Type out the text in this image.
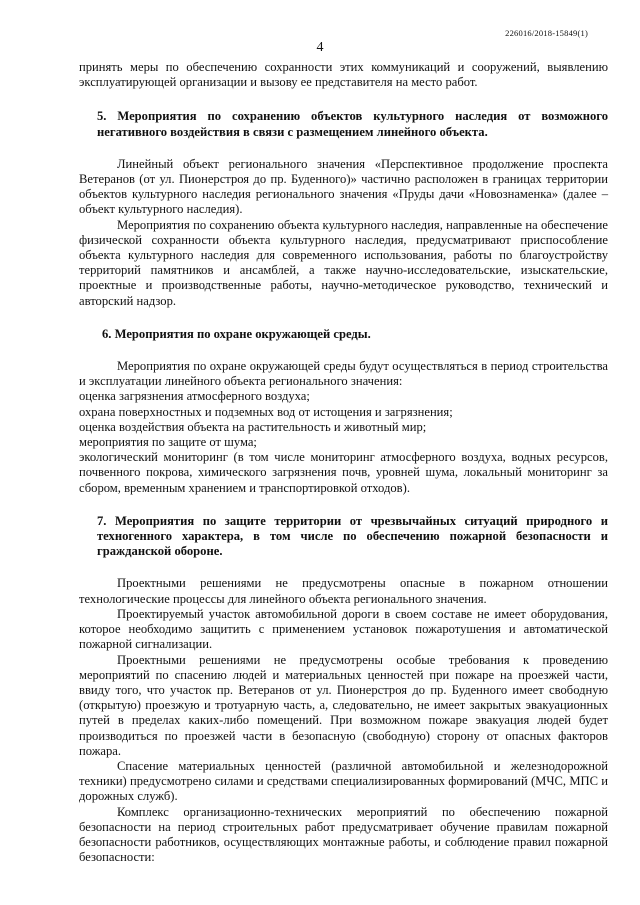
226016/2018-15849(1)
4

принять меры по обеспечению сохранности этих коммуникаций и сооружений, выявлению эксплуатирующей организации и вызову ее представителя на место работ.

5. Мероприятия по сохранению объектов культурного наследия от возможного негативного воздействия в связи с размещением линейного объекта.

Линейный объект регионального значения «Перспективное продолжение проспекта Ветеранов (от ул. Пионерстроя до пр. Буденного)» частично расположен в границах территории объектов культурного наследия регионального значения «Пруды дачи «Новознаменка» (далее – объект культурного наследия).

Мероприятия по сохранению объекта культурного наследия, направленные на обеспечение физической сохранности объекта культурного наследия, предусматривают приспособление объекта культурного наследия для современного использования, работы по благоустройству территорий памятников и ансамблей, а также научно-исследовательские, изыскательские, проектные и производственные работы, научно-методическое руководство, технический и авторский надзор.

6. Мероприятия по охране окружающей среды.

Мероприятия по охране окружающей среды будут осуществляться в период строительства и эксплуатации линейного объекта регионального значения:

оценка загрязнения атмосферного воздуха;

охрана поверхностных и подземных вод от истощения и загрязнения;

оценка воздействия объекта на растительность и животный мир;

мероприятия по защите от шума;

экологический мониторинг (в том числе мониторинг атмосферного воздуха, водных ресурсов, почвенного покрова, химического загрязнения почв, уровней шума, локальный мониторинг за сбором, временным хранением и транспортировкой отходов).

7. Мероприятия по защите территории от чрезвычайных ситуаций природного и техногенного характера, в том числе по обеспечению пожарной безопасности и гражданской обороне.

Проектными решениями не предусмотрены опасные в пожарном отношении технологические процессы для линейного объекта регионального значения.

Проектируемый участок автомобильной дороги в своем составе не имеет оборудования, которое необходимо защитить с применением установок пожаротушения и автоматической пожарной сигнализации.

Проектными решениями не предусмотрены особые требования к проведению мероприятий по спасению людей и материальных ценностей при пожаре на проезжей части, ввиду того, что участок пр. Ветеранов от ул. Пионерстроя до пр. Буденного имеет свободную (открытую) проезжую и тротуарную часть, а, следовательно, не имеет закрытых эвакуационных путей в пределах каких-либо помещений. При возможном пожаре эвакуация людей будет производиться по проезжей части в безопасную (свободную) сторону от опасных факторов пожара.

Спасение материальных ценностей (различной автомобильной и железнодорожной техники) предусмотрено силами и средствами специализированных формирований (МЧС, МПС и дорожных служб).

Комплекс организационно-технических мероприятий по обеспечению пожарной безопасности на период строительных работ предусматривает обучение правилам пожарной безопасности работников, осуществляющих монтажные работы, и соблюдение правил пожарной безопасности:
